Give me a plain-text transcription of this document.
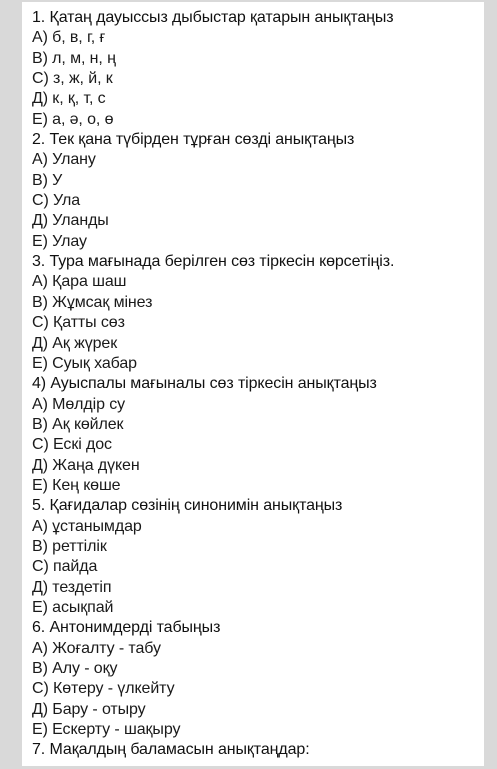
1. Қатаң дауыссыз дыбыстар қатарын анықтаңыз
А) б, в, г, ғ
В) л, м, н, ң
С) з, ж, й, к
Д) к, қ, т, с
Е) а, ә, о, ө
2. Тек қана түбірден тұрған сөзді анықтаңыз
А) Улану
В) У
С) Ула
Д) Уланды
Е) Улау
3. Тура мағынада берілген сөз тіркесін көрсетіңіз.
А) Қара шаш
В) Жұмсақ мінез
С) Қатты сөз
Д) Ақ жүрек
Е) Суық хабар
4) Ауыспалы мағыналы сөз тіркесін анықтаңыз
А) Мөлдір су
В) Ақ көйлек
С) Ескі дос
Д) Жаңа дүкен
Е) Кең көше
5. Қағидалар сөзінің синонимін анықтаңыз
А) ұстанымдар
В) реттілік
С) пайда
Д) тездетіп
Е) асықпай
6. Антонимдерді табыңыз
А) Жоғалту - табу
В) Алу - оқу
С) Көтеру - үлкейту
Д) Бару - отыру
Е) Ескерту - шақыру
7. Мақалдың баламасын анықтаңдар:
